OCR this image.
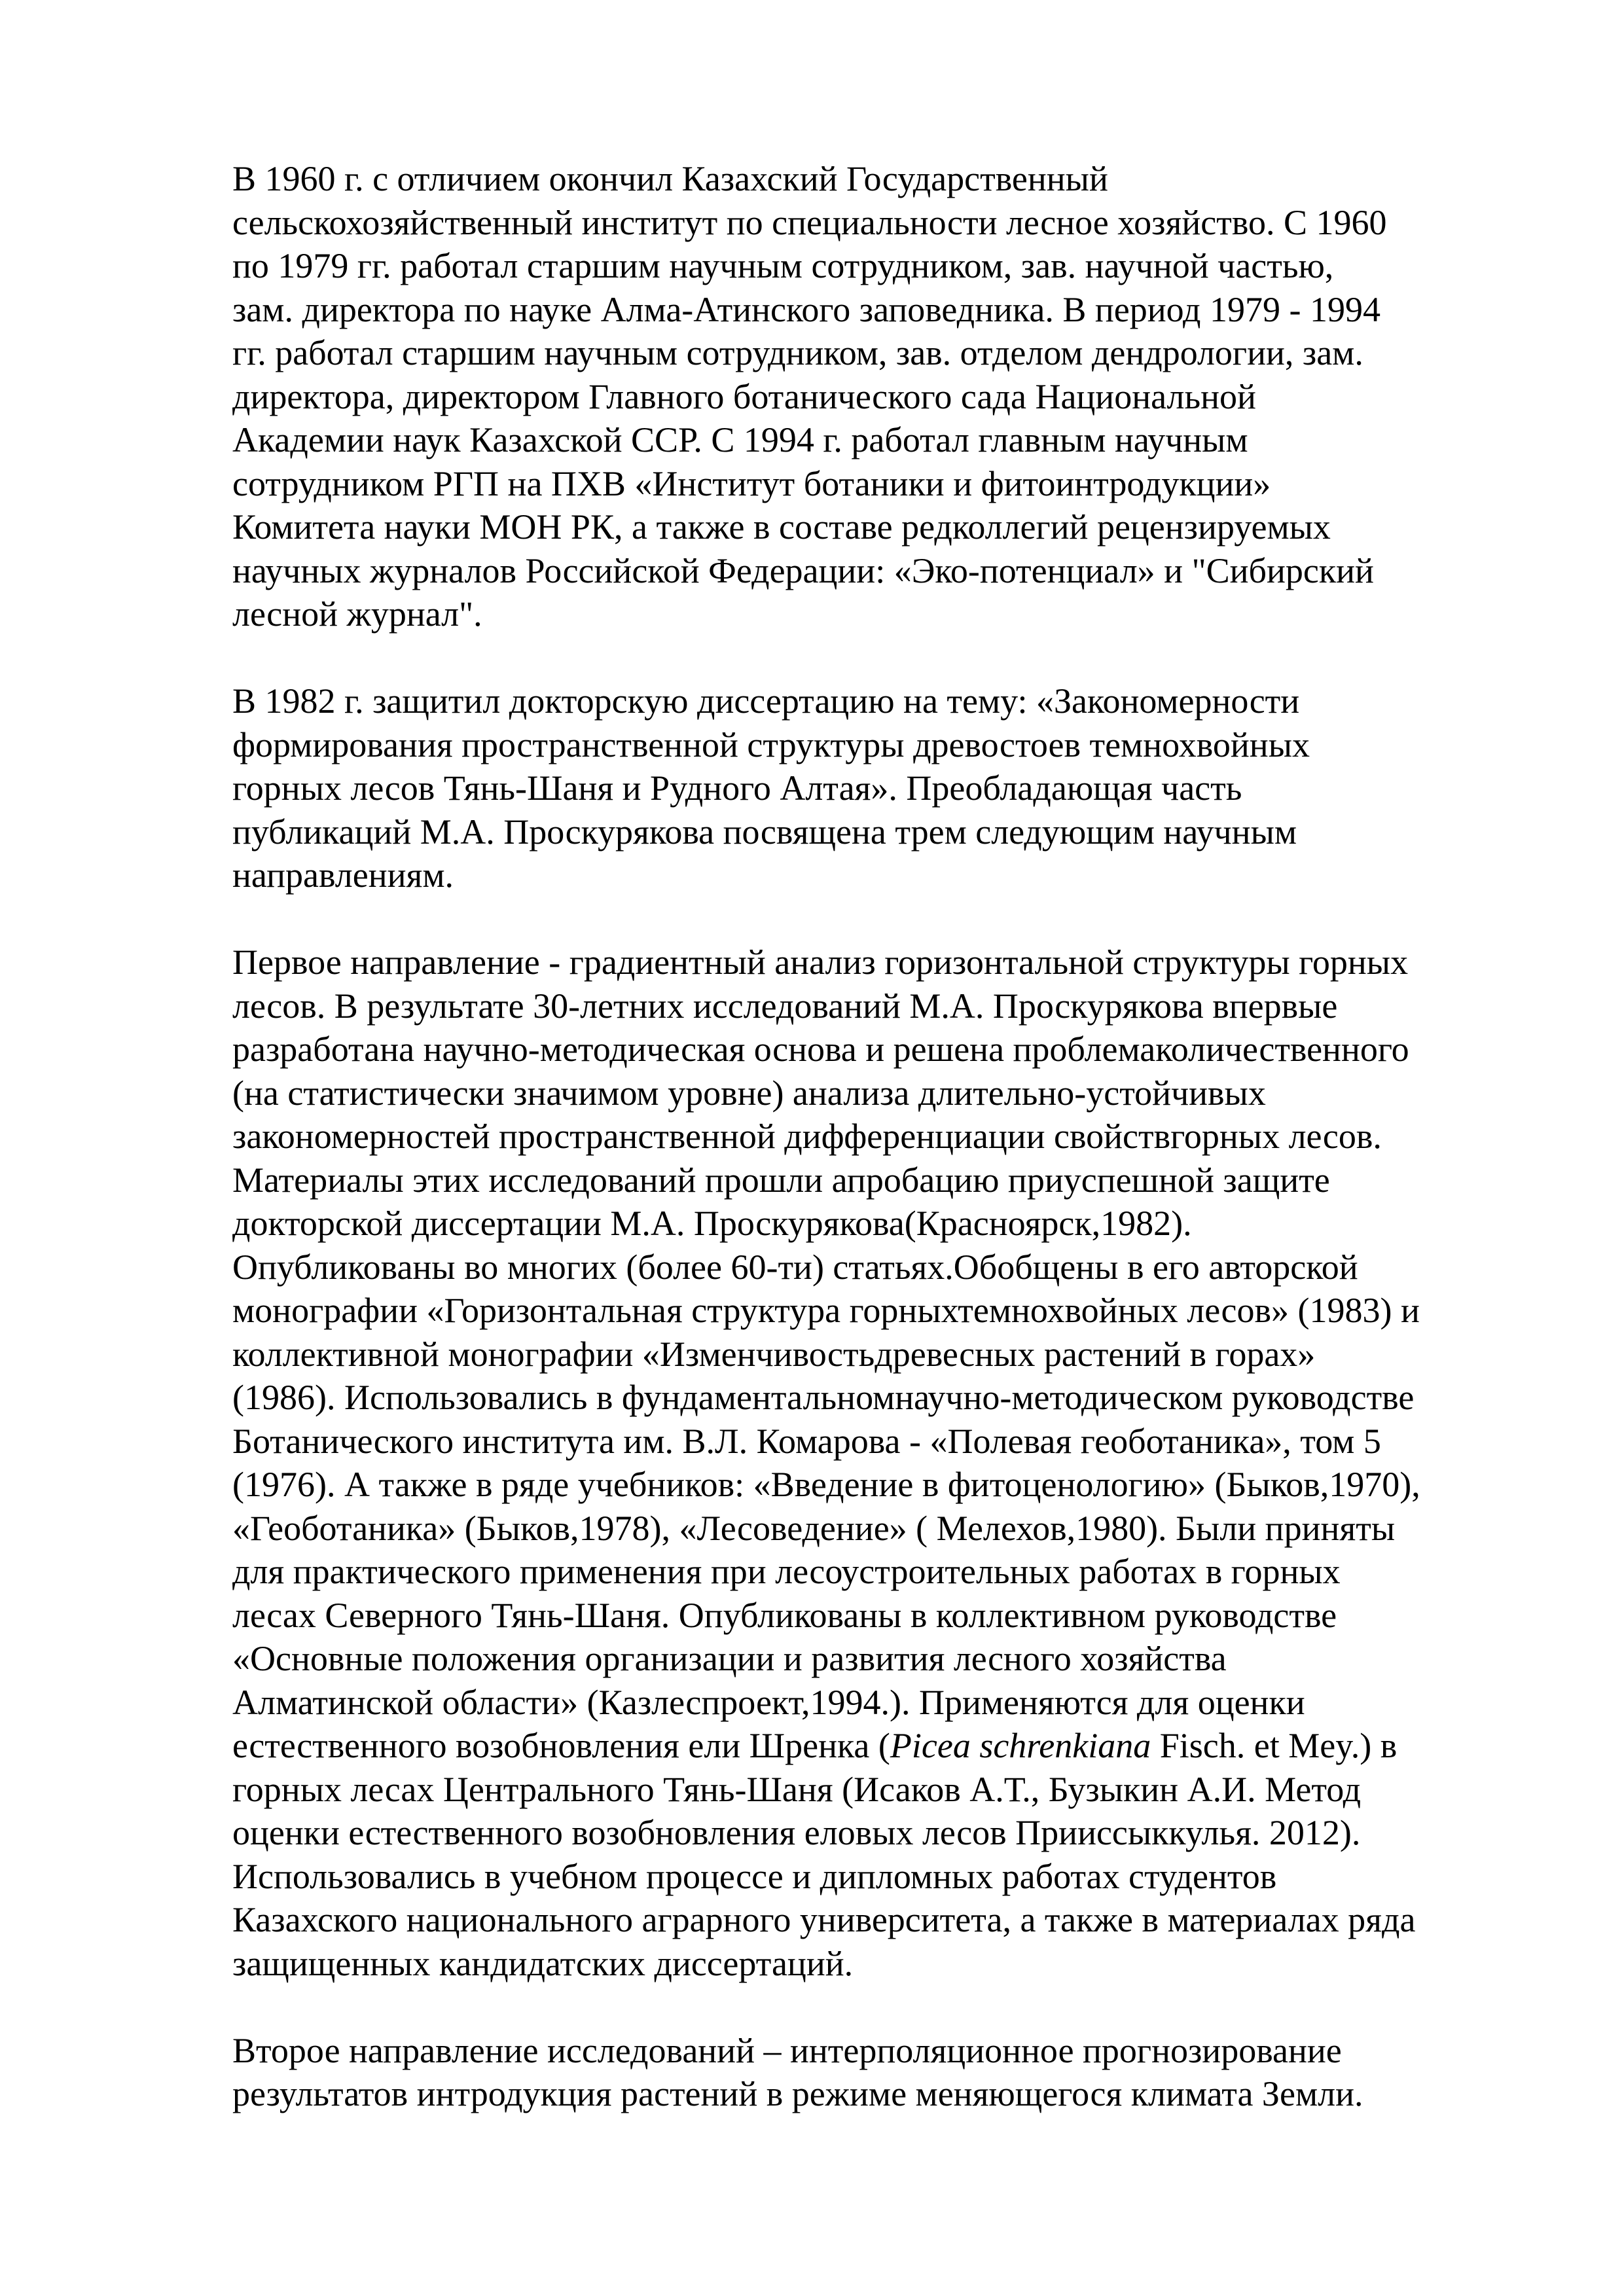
В 1960 г. с отличием окончил Казахский Государственный
сельскохозяйственный институт по специальности лесное хозяйство. С 1960
по 1979 гг. работал старшим научным сотрудником, зав. научной частью,
зам. директора по науке Алма-Атинского заповедника. В период 1979 - 1994
гг. работал старшим научным сотрудником, зав. отделом дендрологии, зам.
директора, директором Главного ботанического сада Национальной
Академии наук Казахской ССР. С 1994 г. работал главным научным
сотрудником РГП на ПХВ «Институт ботаники и фитоинтродукции»
Комитета науки МОН РК, а также в составе редколлегий рецензируемых
научных журналов Российской Федерации: «Эко-потенциал» и "Сибирский
лесной журнал".
В 1982 г. защитил докторскую диссертацию на тему: «Закономерности
формирования пространственной структуры древостоев темнохвойных
горных лесов Тянь-Шаня и Рудного Алтая». Преобладающая часть
публикаций М.А. Проскурякова посвящена трем следующим научным
направлениям.
Первое направление - градиентный анализ горизонтальной структуры горных
лесов. В результате 30-летних исследований М.А. Проскурякова впервые
разработана научно-методическая основа и решена проблемаколичественного
(на статистически значимом уровне) анализа длительно-устойчивых
закономерностей пространственной дифференциации свойствгорных лесов.
Материалы этих исследований прошли апробацию приуспешной защите
докторской диссертации М.А. Проскурякова(Красноярск,1982).
Опубликованы во многих (более 60-ти) статьях.Обобщены в его авторской
монографии «Горизонтальная структура горныхтемнохвойных лесов» (1983) и
коллективной монографии «Изменчивостьдревесных растений в горах»
(1986). Использовались в фундаментальномнаучно-методическом руководстве
Ботанического института им. В.Л. Комарова - «Полевая геоботаника», том 5
(1976). А также в ряде учебников: «Введение в фитоценологию» (Быков,1970),
«Геоботаника» (Быков,1978), «Лесоведение» ( Мелехов,1980). Были приняты
для практического применения при лесоустроительных работах в горных
лесах Северного Тянь-Шаня. Опубликованы в коллективном руководстве
«Основные положения организации и развития лесного хозяйства
Алматинской области» (Казлеспроект,1994.). Применяются для оценки
естественного возобновления ели Шренка (Picea schrenkiana Fisch. et Mey.) в
горных лесах Центрального Тянь-Шаня (Исаков А.Т., Бузыкин А.И. Метод
оценки естественного возобновления еловых лесов Прииссыккулья. 2012).
Использовались в учебном процессе и дипломных работах студентов
Казахского национального аграрного университета, а также в материалах ряда
защищенных кандидатских диссертаций.
Второе направление исследований – интерполяционное прогнозирование
результатов интродукция растений в режиме меняющегося климата Земли.
